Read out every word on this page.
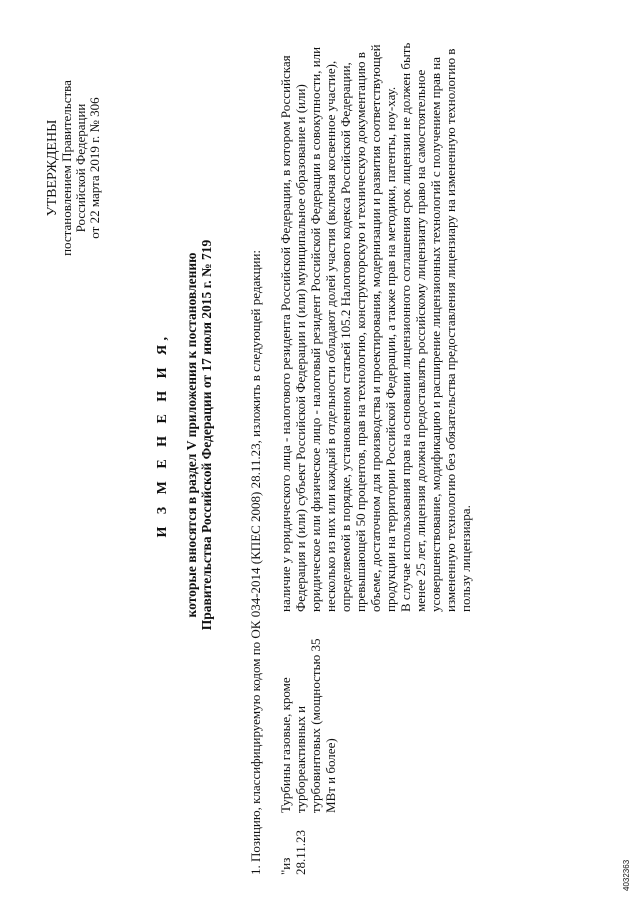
УТВЕРЖДЕНЫ постановлением Правительства Российской Федерации от 22 марта 2019 г. № 306
И З М Е Н Е Н И Я, которые вносятся в раздел V приложения к постановлению Правительства Российской Федерации от 17 июля 2015 г. № 719	1. Позицию, классифицируемую кодом по ОК 034-2014 (КПЕС 2008) 28.11.23, изложить в следующей редакции: "из 28.11.23
Турбины газовые, кроме турбореактивных и турбовинтовых (мощностью 35 МВт и более)

наличие у юридического лица - налогового резидента Российской Федерации, в котором Российская Федерация и (или) субъект Российской Федерации и (или) муниципальное образование и (или) юридическое или физическое лицо - налоговый резидент Российской Федерации в совокупности, или несколько из них или каждый в отдельности обладают долей участия (включая косвенное участие), определяемой в порядке, установленном статьей 105.2 Налогового кодекса Российской Федерации, превышающей 50 процентов, прав на технологию, конструкторскую и техническую документацию в объеме, достаточном для производства и проектирования, модернизации и развития соответствующей продукции на территории Российской Федерации, а также прав на методики, патенты, ноу-хау. В случае использования прав на основании лицензионного соглашения срок лицензии не должен быть менее 25 лет, лицензия должна предоставлять российскому лицензиату право на самостоятельное усовершенствование, модификацию и расширение лицензионных технологий с получением прав на измененную технологию без обязательства предоставления лицензиару на измененную технологию в пользу лицензиара.

4032363
